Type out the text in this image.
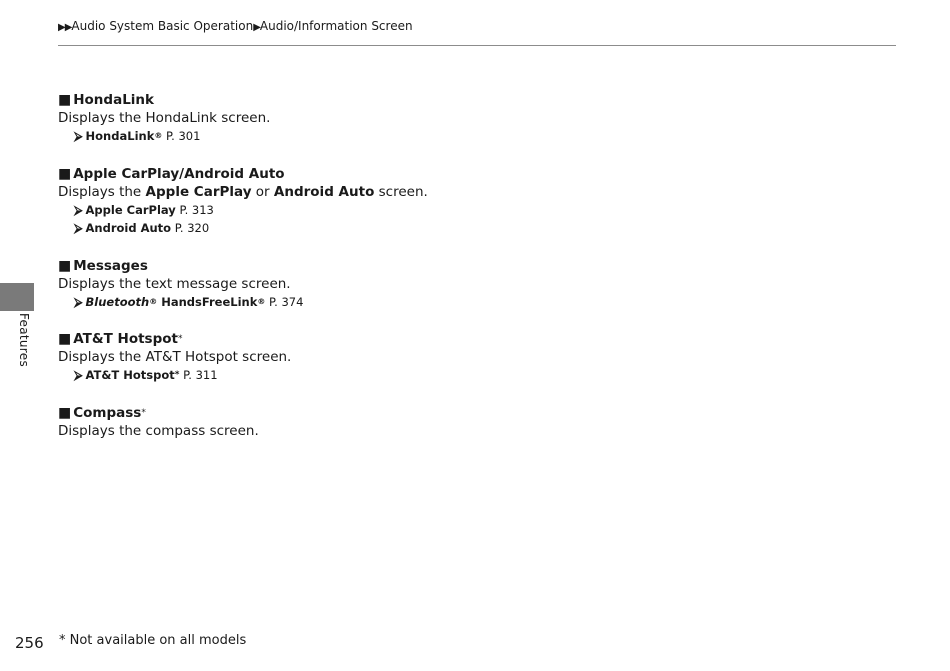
▶▶Audio System Basic Operation▶Audio/Information Screen
Features
■ HondaLink
Displays the HondaLink screen.
⮚ HondaLink® P. 301
■ Apple CarPlay/Android Auto
Displays the Apple CarPlay or Android Auto screen.
⮚ Apple CarPlay P. 313
⮚ Android Auto P. 320
■ Messages
Displays the text message screen.
⮚ Bluetooth® HandsFreeLink® P. 374
■ AT&T Hotspot*
Displays the AT&T Hotspot screen.
⮚ AT&T Hotspot* P. 311
■ Compass*
Displays the compass screen.
256 * Not available on all models
